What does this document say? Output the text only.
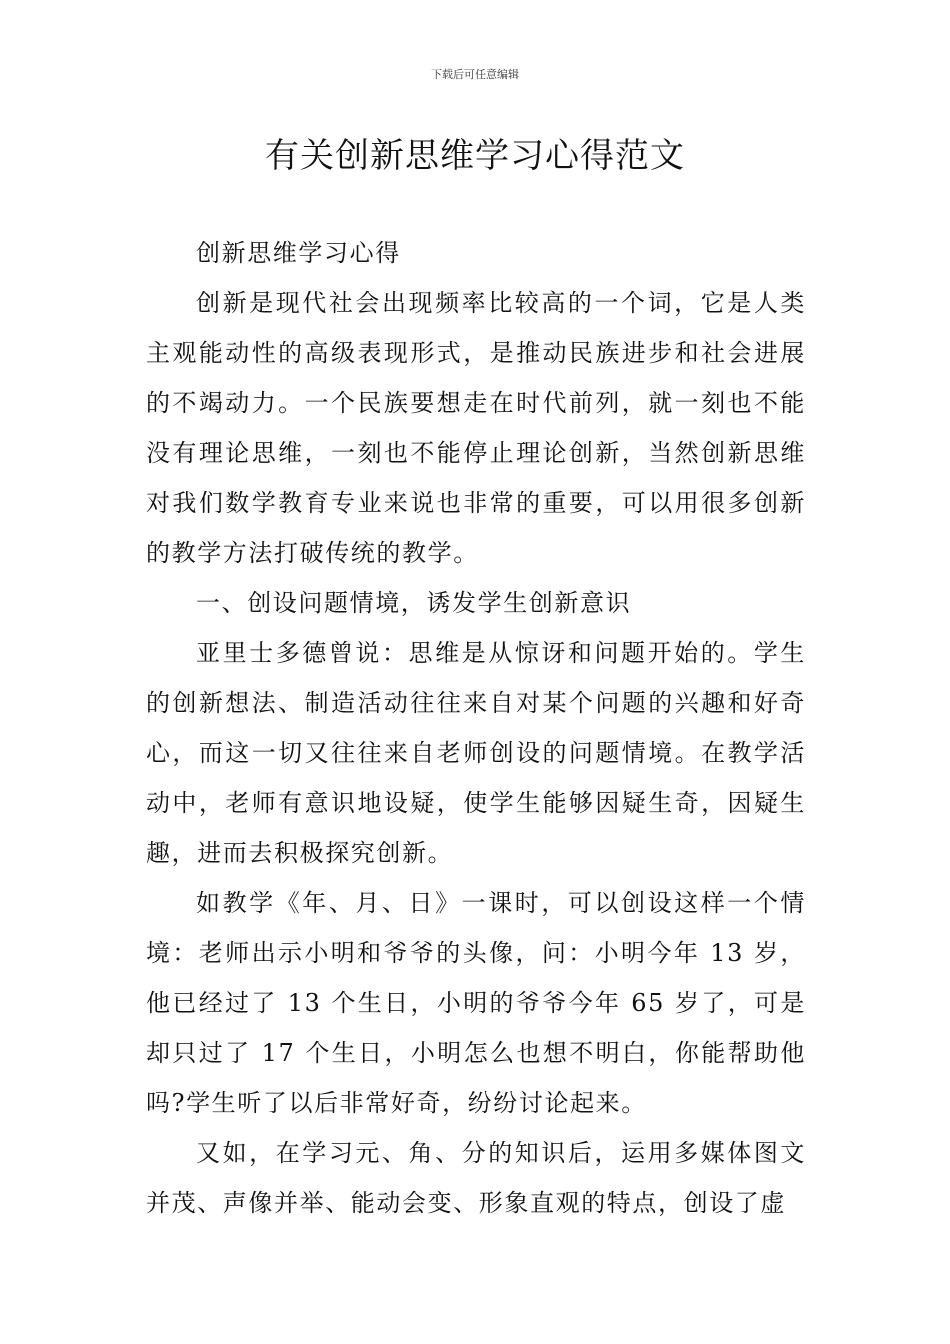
下载后可任意编辑
有关创新思维学习心得范文

创新思维学习心得

创新是现代社会出现频率比较高的一个词，它是人类主观能动性的高级表现形式，是推动民族进步和社会进展的不竭动力。一个民族要想走在时代前列，就一刻也不能没有理论思维，一刻也不能停止理论创新，当然创新思维对我们数学教育专业来说也非常的重要，可以用很多创新的教学方法打破传统的教学。

一、创设问题情境，诱发学生创新意识

亚里士多德曾说：思维是从惊讶和问题开始的。学生的创新想法、制造活动往往来自对某个问题的兴趣和好奇心，而这一切又往往来自老师创设的问题情境。在教学活动中，老师有意识地设疑，使学生能够因疑生奇，因疑生趣，进而去积极探究创新。

如教学《年、月、日》一课时，可以创设这样一个情境：老师出示小明和爷爷的头像，问：小明今年 13 岁，他已经过了 13 个生日，小明的爷爷今年 65 岁了，可是却只过了 17 个生日，小明怎么也想不明白，你能帮助他吗?学生听了以后非常好奇，纷纷讨论起来。

又如，在学习元、角、分的知识后，运用多媒体图文并茂、声像并举、能动会变、形象直观的特点，创设了虚
